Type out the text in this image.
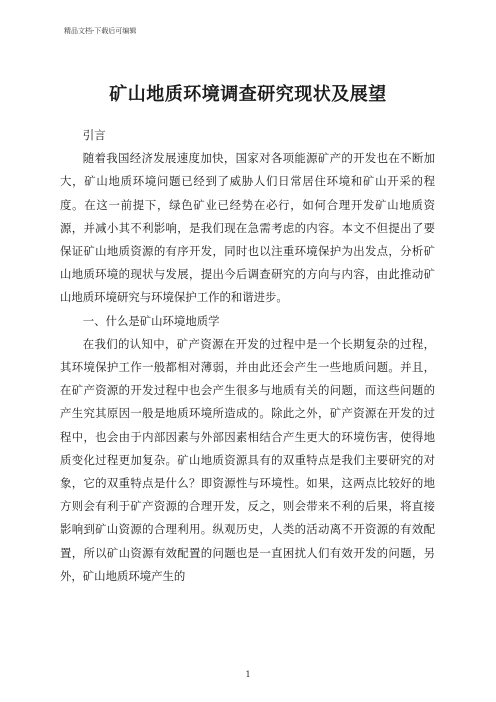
精品文档-下载后可编辑
矿山地质环境调查研究现状及展望

引言

随着我国经济发展速度加快，国家对各项能源矿产的开发也在不断加大，矿山地质环境问题已经到了威胁人们日常居住环境和矿山开采的程度。在这一前提下，绿色矿业已经势在必行，如何合理开发矿山地质资源，并减小其不利影响，是我们现在急需考虑的内容。本文不但提出了要保证矿山地质资源的有序开发，同时也以注重环境保护为出发点，分析矿山地质环境的现状与发展，提出今后调查研究的方向与内容，由此推动矿山地质环境研究与环境保护工作的和谐进步。

一、什么是矿山环境地质学

在我们的认知中，矿产资源在开发的过程中是一个长期复杂的过程，其环境保护工作一般都相对薄弱，并由此还会产生一些地质问题。并且，在矿产资源的开发过程中也会产生很多与地质有关的问题，而这些问题的产生究其原因一般是地质环境所造成的。除此之外，矿产资源在开发的过程中，也会由于内部因素与外部因素相结合产生更大的环境伤害，使得地质变化过程更加复杂。矿山地质资源具有的双重特点是我们主要研究的对象，它的双重特点是什么？即资源性与环境性。如果，这两点比较好的地方则会有利于矿产资源的合理开发，反之，则会带来不利的后果，将直接影响到矿山资源的合理利用。纵观历史，人类的活动离不开资源的有效配置，所以矿山资源有效配置的问题也是一直困扰人们有效开发的问题，另外，矿山地质环境产生的

1
